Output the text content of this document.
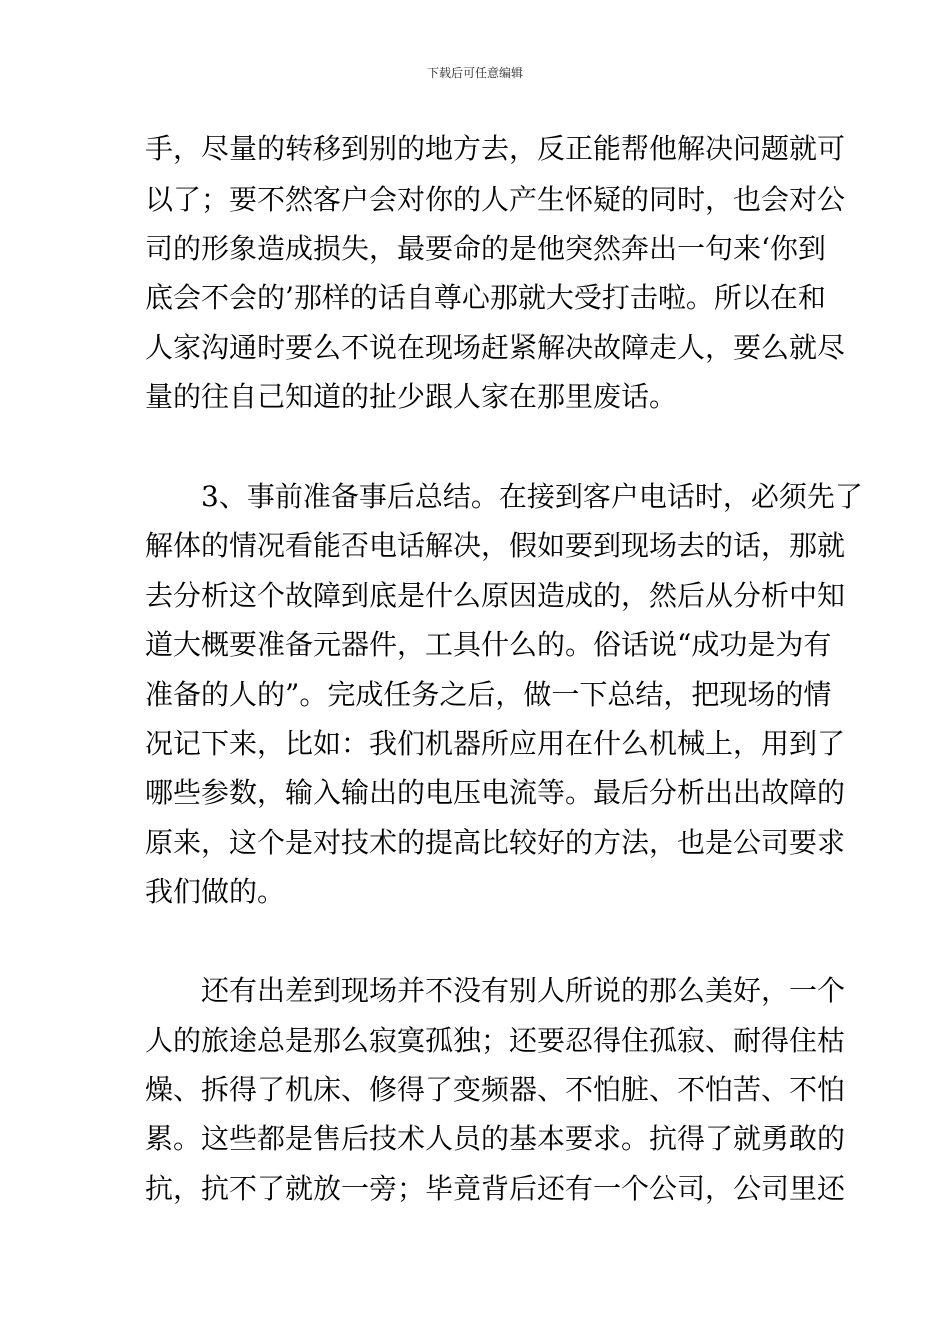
下载后可任意编辑
手，尽量的转移到别的地方去，反正能帮他解决问题就可
以了；要不然客户会对你的人产生怀疑的同时，也会对公
司的形象造成损失，最要命的是他突然奔出一句来‘你到
底会不会的’那样的话自尊心那就大受打击啦。所以在和
人家沟通时要么不说在现场赶紧解决故障走人，要么就尽
量的往自己知道的扯少跟人家在那里废话。
3、事前准备事后总结。在接到客户电话时，必须先了
解体的情况看能否电话解决，假如要到现场去的话，那就
去分析这个故障到底是什么原因造成的，然后从分析中知
道大概要准备元器件，工具什么的。俗话说“成功是为有
准备的人的”。完成任务之后，做一下总结，把现场的情
况记下来，比如：我们机器所应用在什么机械上，用到了
哪些参数，输入输出的电压电流等。最后分析出出故障的
原来，这个是对技术的提高比较好的方法，也是公司要求
我们做的。
还有出差到现场并不没有别人所说的那么美好，一个
人的旅途总是那么寂寞孤独；还要忍得住孤寂、耐得住枯
燥、拆得了机床、修得了变频器、不怕脏、不怕苦、不怕
累。这些都是售后技术人员的基本要求。抗得了就勇敢的
抗，抗不了就放一旁；毕竟背后还有一个公司，公司里还
